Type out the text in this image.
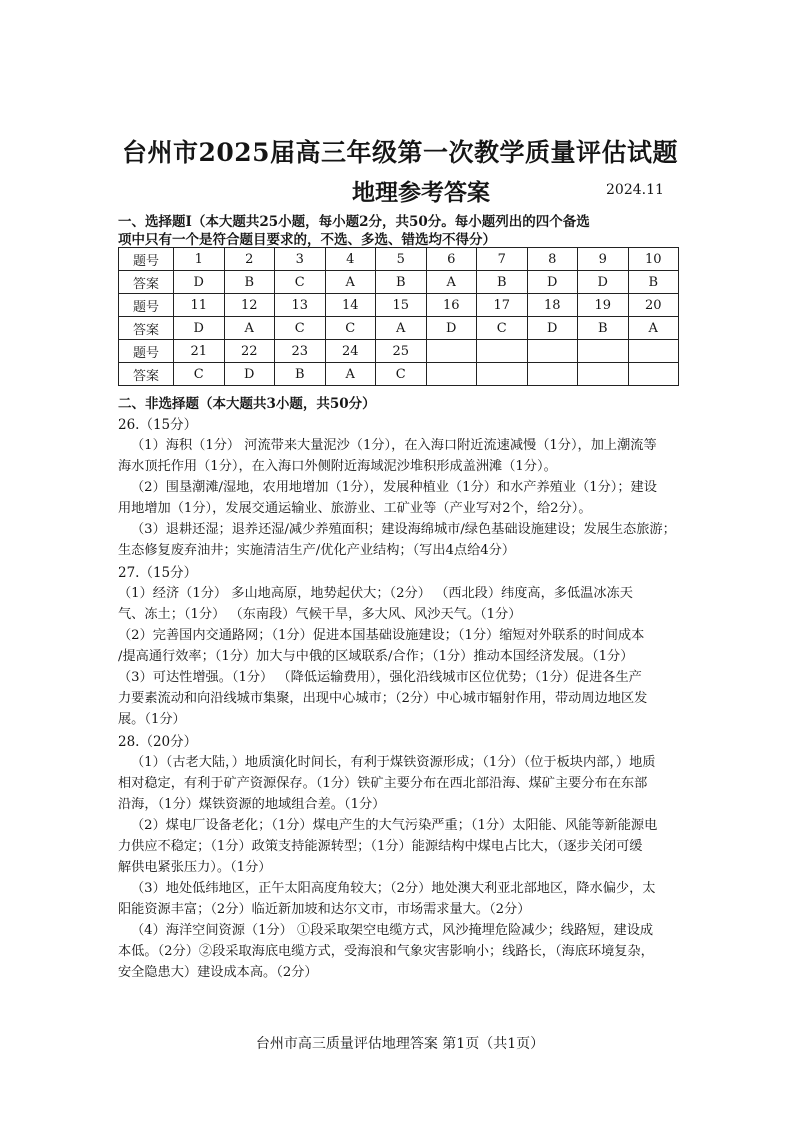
台州市2025届高三年级第一次教学质量评估试题
地理参考答案	2024.11
一、选择题Ⅰ（本大题共25小题，每小题2分，共50分。每小题列出的四个备选
项中只有一个是符合题目要求的，不选、多选、错选均不得分）
题号	1	2	3	4	5	6	7	8	9	10
答案	D	B	C	A	B	A	B	D	D	B
题号	11	12	13	14	15	16	17	18	19	20
答案	D	A	C	C	A	D	C	D	B	A
题号	21	22	23	24	25					
答案	C	D	B	A	C					
二、非选择题（本大题共3小题，共50分）
26.（15分）
（1）海积（1分） 河流带来大量泥沙（1分），在入海口附近流速减慢（1分），加上潮流等
海水顶托作用（1分），在入海口外侧附近海域泥沙堆积形成盖洲滩（1分）。
（2）围垦潮滩/湿地，农用地增加（1分），发展种植业（1分）和水产养殖业（1分）；建设
用地增加（1分），发展交通运输业、旅游业、工矿业等（产业写对2个，给2分）。
（3）退耕还湿；退养还湿/减少养殖面积；建设海绵城市/绿色基础设施建设；发展生态旅游；
生态修复废弃油井；实施清洁生产/优化产业结构；（写出4点给4分）
27.（15分）
（1）经济（1分） 多山地高原，地势起伏大；（2分） （西北段）纬度高，多低温冰冻天
气、冻土；（1分） （东南段）气候干旱，多大风、风沙天气。（1分）
（2）完善国内交通路网；（1分）促进本国基础设施建设；（1分）缩短对外联系的时间成本
/提高通行效率；（1分）加大与中俄的区域联系/合作；（1分）推动本国经济发展。（1分）
（3）可达性增强。（1分） （降低运输费用），强化沿线城市区位优势；（1分）促进各生产
力要素流动和向沿线城市集聚，出现中心城市；（2分）中心城市辐射作用，带动周边地区发
展。（1分）
28.（20分）
（1）（古老大陆，）地质演化时间长，有利于煤铁资源形成；（1分）（位于板块内部，）地质
相对稳定，有利于矿产资源保存。（1分）铁矿主要分布在西北部沿海、煤矿主要分布在东部
沿海，（1分）煤铁资源的地域组合差。（1分）
（2）煤电厂设备老化；（1分）煤电产生的大气污染严重；（1分）太阳能、风能等新能源电
力供应不稳定；（1分）政策支持能源转型；（1分）能源结构中煤电占比大，（逐步关闭可缓
解供电紧张压力）。（1分）
（3）地处低纬地区，正午太阳高度角较大；（2分）地处澳大利亚北部地区，降水偏少，太
阳能资源丰富；（2分）临近新加坡和达尔文市，市场需求量大。（2分）
（4）海洋空间资源（1分） ①段采取架空电缆方式，风沙掩埋危险减少；线路短，建设成
本低。（2分）②段采取海底电缆方式，受海浪和气象灾害影响小；线路长，（海底环境复杂，
安全隐患大）建设成本高。（2分）
台州市高三质量评估地理答案 第1页（共1页）
